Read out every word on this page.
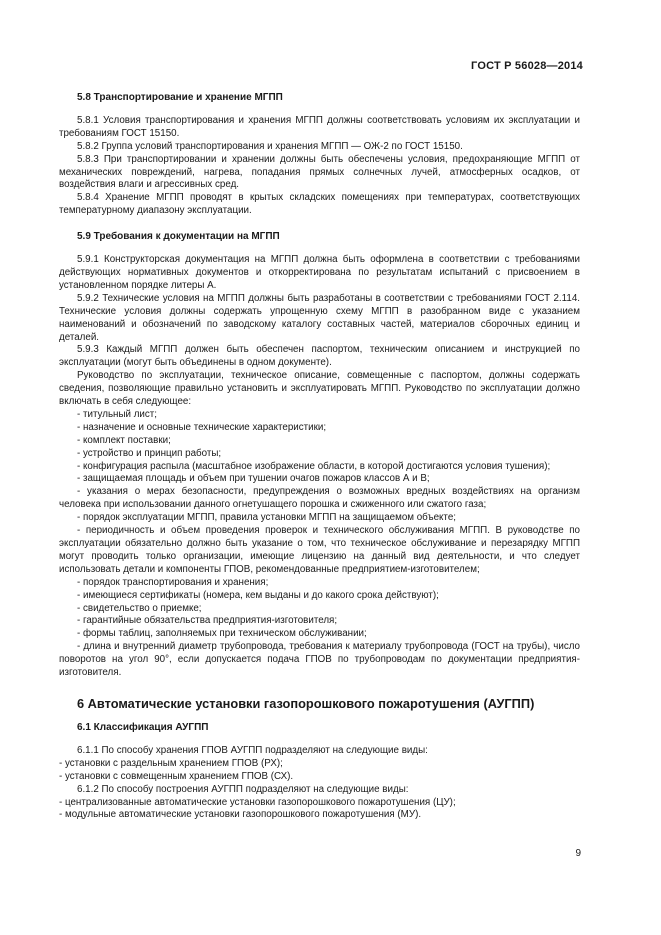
ГОСТ Р 56028—2014
5.8 Транспортирование и хранение МГПП

5.8.1 Условия транспортирования и хранения МГПП должны соответствовать условиям их эксплуатации и требованиям ГОСТ 15150.

5.8.2 Группа условий транспортирования и хранения МГПП — ОЖ-2 по ГОСТ 15150.

5.8.3 При транспортировании и хранении должны быть обеспечены условия, предохраняющие МГПП от механических повреждений, нагрева, попадания прямых солнечных лучей, атмосферных осадков, от воздействия влаги и агрессивных сред.

5.8.4 Хранение МГПП проводят в крытых складских помещениях при температурах, соответствующих температурному диапазону эксплуатации.

5.9 Требования к документации на МГПП

5.9.1 Конструкторская документация на МГПП должна быть оформлена в соответствии с требованиями действующих нормативных документов и откорректирована по результатам испытаний с присвоением в установленном порядке литеры А.

5.9.2 Технические условия на МГПП должны быть разработаны в соответствии с требованиями ГОСТ 2.114. Технические условия должны содержать упрощенную схему МГПП в разобранном виде с указанием наименований и обозначений по заводскому каталогу составных частей, материалов сборочных единиц и деталей.

5.9.3 Каждый МГПП должен быть обеспечен паспортом, техническим описанием и инструкцией по эксплуатации (могут быть объединены в одном документе).

Руководство по эксплуатации, техническое описание, совмещенные с паспортом, должны содержать сведения, позволяющие правильно установить и эксплуатировать МГПП. Руководство по эксплуатации должно включать в себя следующее:

- титульный лист;

- назначение и основные технические характеристики;

- комплект поставки;

- устройство и принцип работы;

- конфигурация распыла (масштабное изображение области, в которой достигаются условия тушения);

- защищаемая площадь и объем при тушении очагов пожаров классов А и В;

- указания о мерах безопасности, предупреждения о возможных вредных воздействиях на организм человека при использовании данного огнетушащего порошка и сжиженного или сжатого газа;

- порядок эксплуатации МГПП, правила установки МГПП на защищаемом объекте;

- периодичность и объем проведения проверок и технического обслуживания МГПП. В руководстве по эксплуатации обязательно должно быть указание о том, что техническое обслуживание и перезарядку МГПП могут проводить только организации, имеющие лицензию на данный вид деятельности, и что следует использовать детали и компоненты ГПОВ, рекомендованные предприятием-изготовителем;

- порядок транспортирования и хранения;

- имеющиеся сертификаты (номера, кем выданы и до какого срока действуют);

- свидетельство о приемке;

- гарантийные обязательства предприятия-изготовителя;

- формы таблиц, заполняемых при техническом обслуживании;

- длина и внутренний диаметр трубопровода, требования к материалу трубопровода (ГОСТ на трубы), число поворотов на угол 90°, если допускается подача ГПОВ по трубопроводам по документации предприятия-изготовителя.

6 Автоматические установки газопорошкового пожаротушения (АУГПП)
6.1 Классификация АУГПП

6.1.1 По способу хранения ГПОВ АУГПП подразделяют на следующие виды:

- установки с раздельным хранением ГПОВ (РХ);

- установки с совмещенным хранением ГПОВ (СХ).

6.1.2 По способу построения АУГПП подразделяют на следующие виды:

- централизованные автоматические установки газопорошкового пожаротушения (ЦУ);

- модульные автоматические установки газопорошкового пожаротушения (МУ).

9
